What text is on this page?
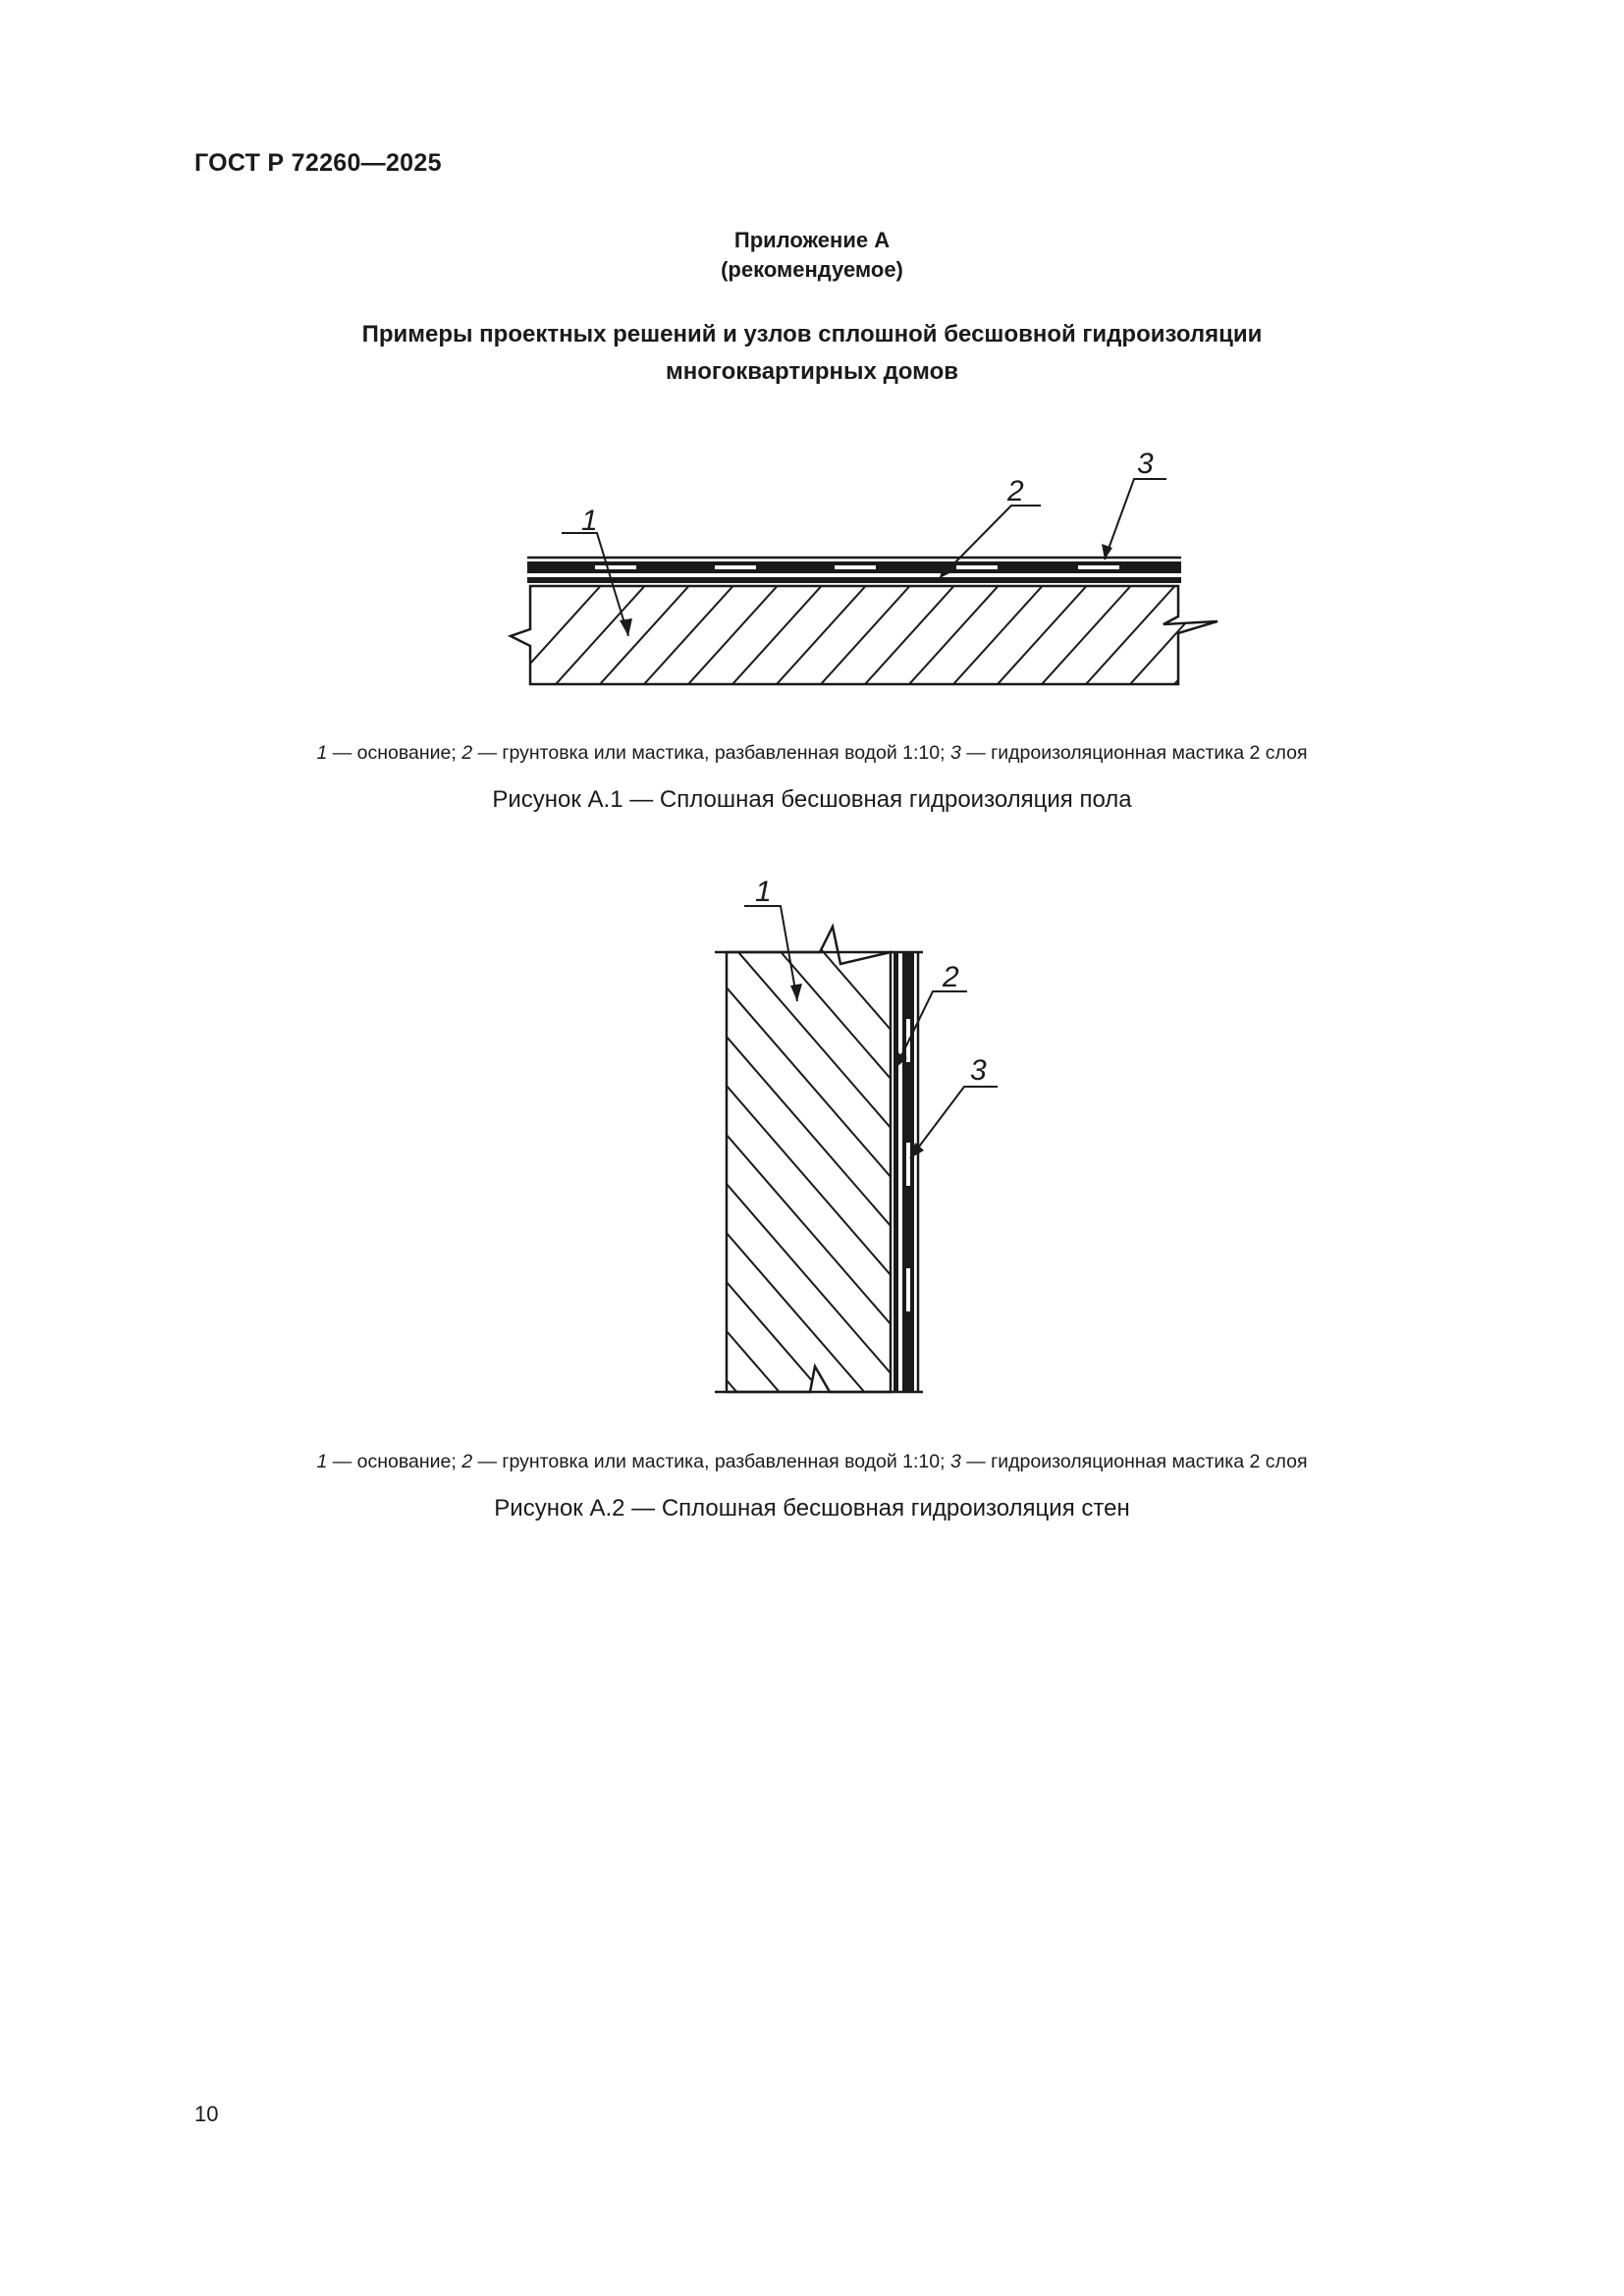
ГОСТ Р 72260—2025
Приложение А
(рекомендуемое)
Примеры проектных решений и узлов сплошной бесшовной гидроизоляции
многоквартирных домов
1
2
3
1
2
3
1 — основание; 2 — грунтовка или мастика, разбавленная водой 1:10; 3 — гидроизоляционная мастика 2 слоя
Рисунок А.1 — Сплошная бесшовная гидроизоляция пола
1 — основание; 2 — грунтовка или мастика, разбавленная водой 1:10; 3 — гидроизоляционная мастика 2 слоя
Рисунок А.2 — Сплошная бесшовная гидроизоляция стен
10
